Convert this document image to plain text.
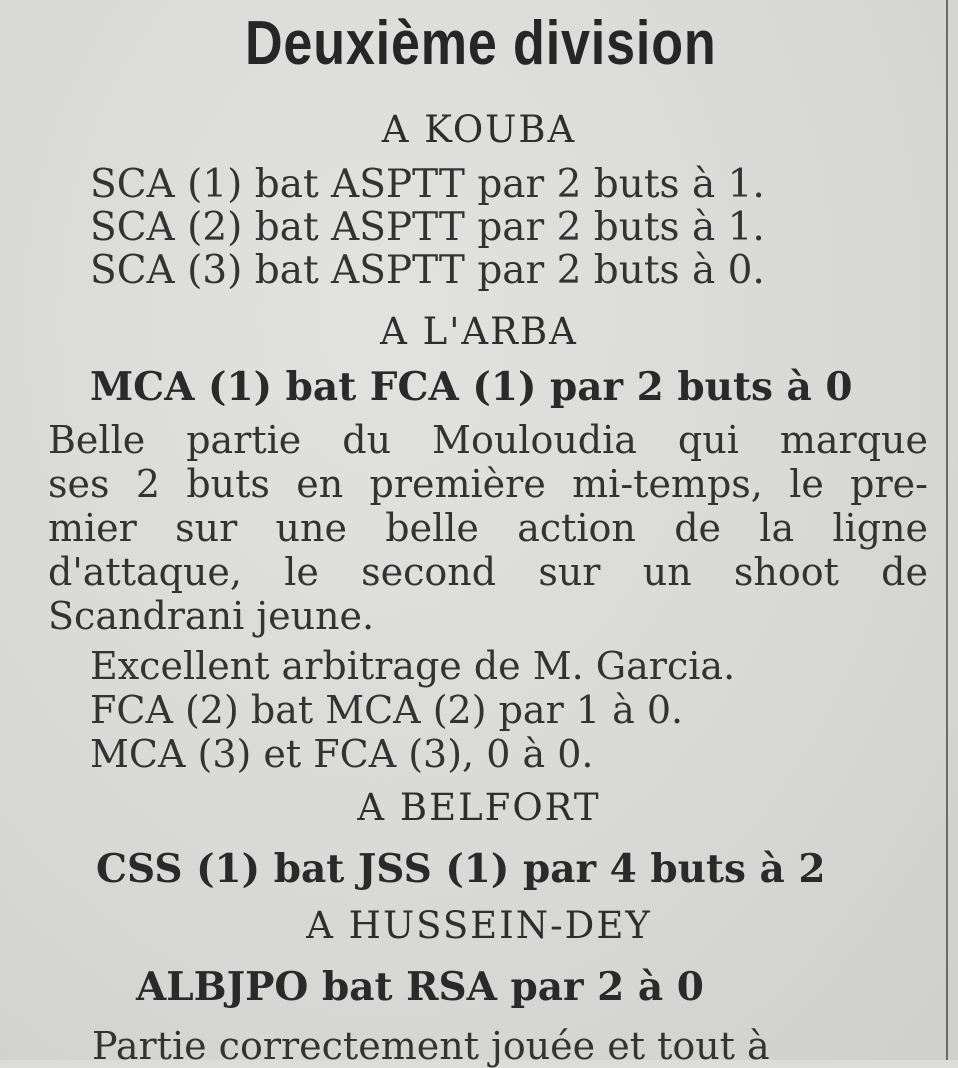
Deuxième division
A KOUBA
SCA (1) bat ASPTT par 2 buts à 1.
SCA (2) bat ASPTT par 2 buts à 1.
SCA (3) bat ASPTT par 2 buts à 0.
A L'ARBA
MCA (1) bat FCA (1) par 2 buts à 0
Belle partie du Mouloudia qui marque
ses 2 buts en première mi-temps, le pre-
mier sur une belle action de la ligne
d'attaque, le second sur un shoot de
Scandrani jeune.
Excellent arbitrage de M. Garcia.
FCA (2) bat MCA (2) par 1 à 0.
MCA (3) et FCA (3), 0 à 0.
A BELFORT
CSS (1) bat JSS (1) par 4 buts à 2
A HUSSEIN-DEY
ALBJPO bat RSA par 2 à 0
Partie correctement jouée et tout à
